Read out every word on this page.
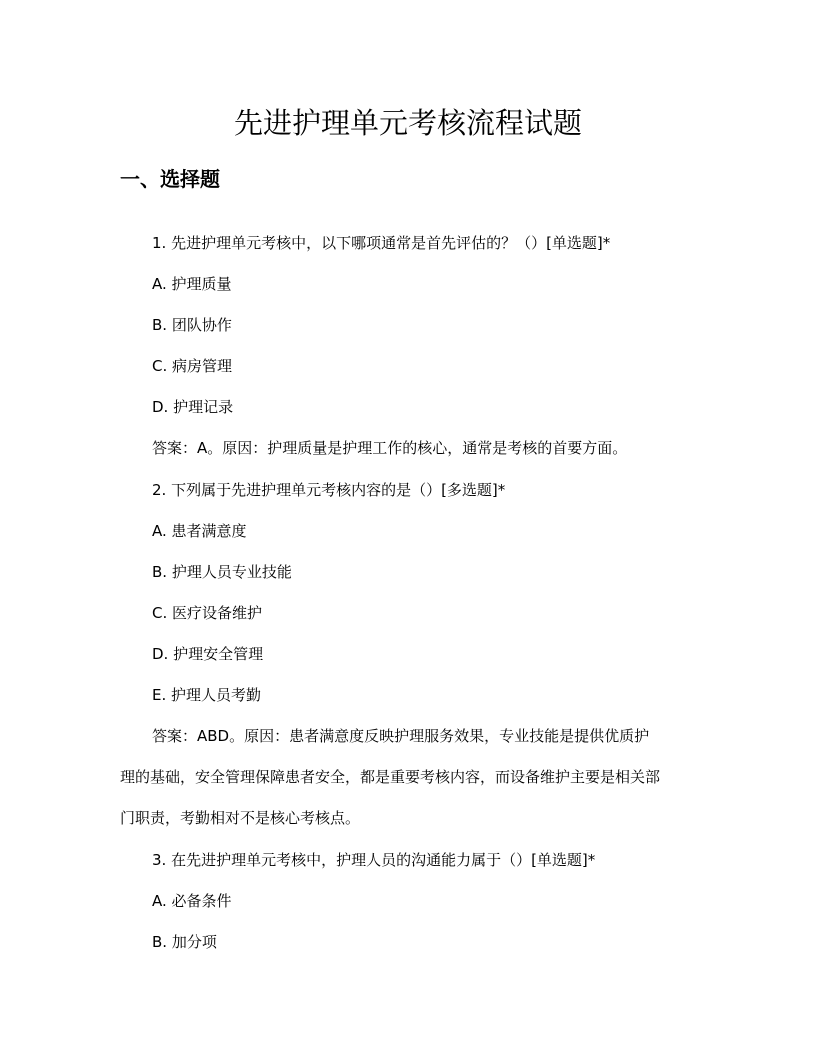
先进护理单元考核流程试题
一、选择题
1. 先进护理单元考核中，以下哪项通常是首先评估的？（）[单选题]*
A. 护理质量
B. 团队协作
C. 病房管理
D. 护理记录
答案：A。原因：护理质量是护理工作的核心，通常是考核的首要方面。
2. 下列属于先进护理单元考核内容的是（）[多选题]*
A. 患者满意度
B. 护理人员专业技能
C. 医疗设备维护
D. 护理安全管理
E. 护理人员考勤
答案：ABD。原因：患者满意度反映护理服务效果，专业技能是提供优质护
理的基础，安全管理保障患者安全，都是重要考核内容，而设备维护主要是相关部
门职责，考勤相对不是核心考核点。
3. 在先进护理单元考核中，护理人员的沟通能力属于（）[单选题]*
A. 必备条件
B. 加分项
